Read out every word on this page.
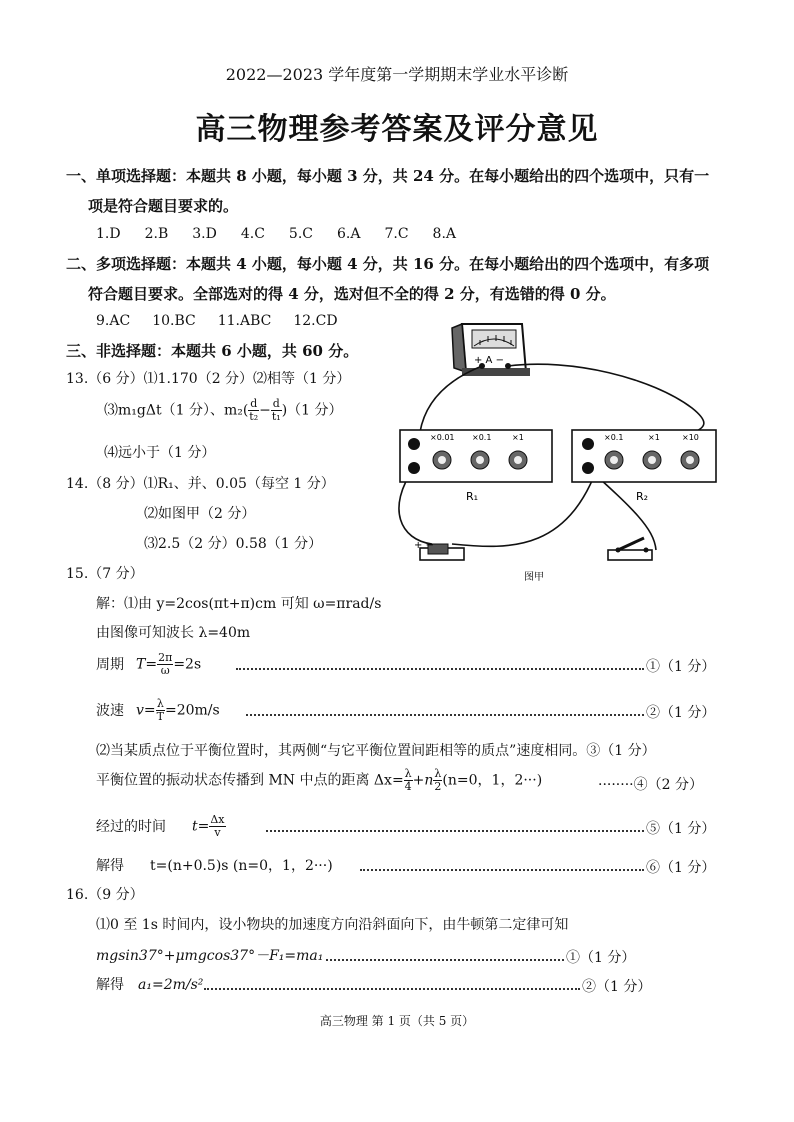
2022—2023 学年度第一学期期末学业水平诊断
高三物理参考答案及评分意见
一、单项选择题：本题共 8 小题，每小题 3 分，共 24 分。在每小题给出的四个选项中，只有一
项是符合题目要求的。
1.D 2.B 3.D 4.C 5.C 6.A 7.C 8.A
二、多项选择题：本题共 4 小题，每小题 4 分，共 16 分。在每小题给出的四个选项中，有多项
符合题目要求。全部选对的得 4 分，选对但不全的得 2 分，有选错的得 0 分。
9.AC 10.BC 11.ABC 12.CD
三、非选择题：本题共 6 小题，共 60 分。
13.（6 分）⑴1.170（2 分）⑵相等（1 分）
⑶m₁gΔt（1 分）、$m_2( \frac{d}{\text{t₂}} - \frac{d}{\text{t₁}} )(1$ 分）
⑷远小于（1 分）
14.（8 分）⑴R₁、并、0.05（每空 1 分）
⑵如图甲（2 分）
⑶2.5（2 分）0.58（1 分）
+ A −
×0.01 ×0.1	×1
R₁
×0.1	×1	×10
R₂
+ −
图甲
15.（7 分）
解：⑴由 y=2cos(πt+π)cm 可知 ω=πrad/s
由图像可知波长 λ=40m
周期 $T= \frac{2\pi}{\omega} =2s$	①（1 分）
波速 $v= \frac{\lambda}{T} =20m/s$	②（1 分）
⑵当某质点位于平衡位置时，其两侧“与它平衡位置间距相等的质点”速度相同。③（1 分）
平衡位置的振动状态传播到 MN 中点的距离 $\Delta x= \frac{\lambda}{4} +n \frac{\lambda}{2} (n=0$，1，2···)	········④（2 分）
经过的时间 $t= \frac{\Delta x}{v}$	⑤（1 分）
解得 t=(n+0.5)s (n=0，1，2···)	⑥（1 分）
16.（9 分）
⑴0 至 1s 时间内，设小物块的加速度方向沿斜面向下，由牛顿第二定律可知
mgsin37°+μmgcos37°－F₁=ma₁	①（1 分）
解得 a₁=2m/s²	②（1 分）
高三物理 第 1 页（共 5 页）
